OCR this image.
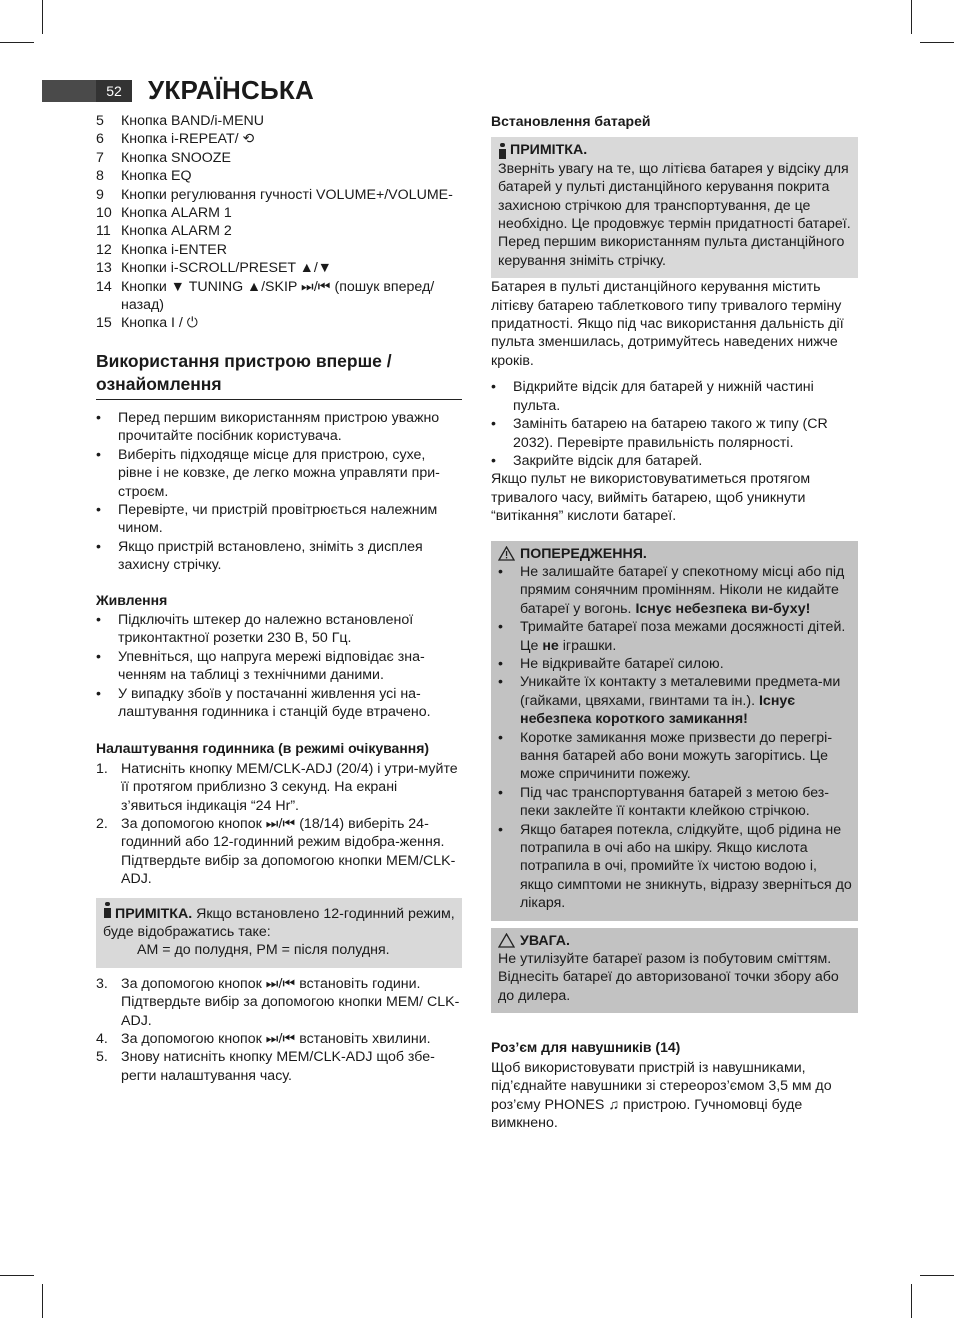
52	УКРАЇНСЬКА
5 Кнопка BAND/i-MENU
6 Кнопка i-REPEAT/ ⟲
7 Кнопка SNOOZE
8 Кнопка EQ
9 Кнопки регулювання гучності VOLUME+/VOLUME-
10 Кнопка ALARM 1
11 Кнопка ALARM 2
12 Кнопка i-ENTER
13 Кнопки i-SCROLL/PRESET ▲/▼
14 Кнопки ▼ TUNING ▲/SKIP ⏭/⏮ (пошук вперед/ назад)
15 Кнопка I / ⏻
Використання пристрою вперше / ознайомлення
• Перед першим використанням пристрою уважно прочитайте посібник користувача.
• Виберіть підходяще місце для пристрою, сухе, рівне і не ковзке, де легко можна управляти при-строєм.
• Перевірте, чи пристрій провітрюється належним чином.
• Якщо пристрій встановлено, зніміть з дисплея захисну стрічку.
Живлення
• Підключіть штекер до належно встановленої триконтактної розетки 230 В, 50 Гц.
• Упевніться, що напруга мережі відповідає зна-ченням на таблиці з технічними даними.
• У випадку збоїв у постачанні живлення усі на-лаштування годинника і станцій буде втрачено.
Налаштування годинника (в режимі очікування)
1. Натисніть кнопку MEM/CLK-ADJ (20/4) і утри-муйте її протягом приблизно 3 секунд. На екрані з’явиться індикація “24 Hr”.
2. За допомогою кнопок ⏭/⏮ (18/14) виберіть 24-годинний або 12-годинний режим відобра-ження. Підтвердьте вибір за допомогою кнопки MEM/CLK-ADJ.
ПРИМІТКА. Якщо встановлено 12-годинний режим, буде відображатись таке:
AM = до полудня, PM = після полудня.
3. За допомогою кнопок ⏭/⏮ встановіть години. Підтвердьте вибір за допомогою кнопки MEM/ CLK-ADJ.
4. За допомогою кнопок ⏭/⏮ встановіть хвилини.
5. Знову натисніть кнопку MEM/CLK-ADJ щоб збе-регти налаштування часу.
Встановлення батарей
ПРИМІТКА.
Зверніть увагу на те, що літієва батарея у відсіку для батарей у пульті дистанційного керування покрита захисною стрічкою для транспортування, де це необхідно. Це продовжує термін придатності батареї. Перед першим використанням пульта дистанційного керування зніміть стрічку.

Батарея в пульті дистанційного керування містить літієву батарею таблеткового типу тривалого терміну придатності. Якщо під час використання дальність дії пульта зменшилась, дотримуйтесь наведених нижче кроків.

• Відкрийте відсік для батарей у нижній частині пульта.
• Замініть батарею на батарею такого ж типу (CR 2032). Перевірте правильність полярності.
• Закрийте відсік для батарей.

Якщо пульт не використовуватиметься протягом тривалого часу, вийміть батарею, щоб уникнути “витікання” кислоти батареї.

ПОПЕРЕДЖЕННЯ.
• Не залишайте батареї у спекотному місці або під прямим сонячним промінням. Ніколи не кидайте батареї у вогонь. Існує небезпека ви-буху!
• Тримайте батареї поза межами досяжності дітей. Це не іграшки.
• Не відкривайте батареї силою.
• Уникайте їх контакту з металевими предмета-ми (гайками, цвяхами, гвинтами та ін.). Існує небезпека короткого замикання!
• Коротке замикання може призвести до перегрі-вання батарей або вони можуть загорітись. Це може спричинити пожежу.
• Під час транспортування батарей з метою без-пеки заклейте її контакти клейкою стрічкою.
• Якщо батарея потекла, слідкуйте, щоб рідина не потрапила в очі або на шкіру. Якщо кислота потрапила в очі, промийте їх чистою водою і, якщо симптоми не зникнуть, відразу зверніться до лікаря.
УВАГА.
Не утилізуйте батареї разом із побутовим сміттям. Віднесіть батареї до авторизованої точки збору або до дилера.
Роз’єм для навушників (14)

Щоб використовувати пристрій із навушниками, під’єднайте навушники зі стереороз’ємом 3,5 мм до роз’єму PHONES ♫ пристрою. Гучномовці буде вимкнено.
